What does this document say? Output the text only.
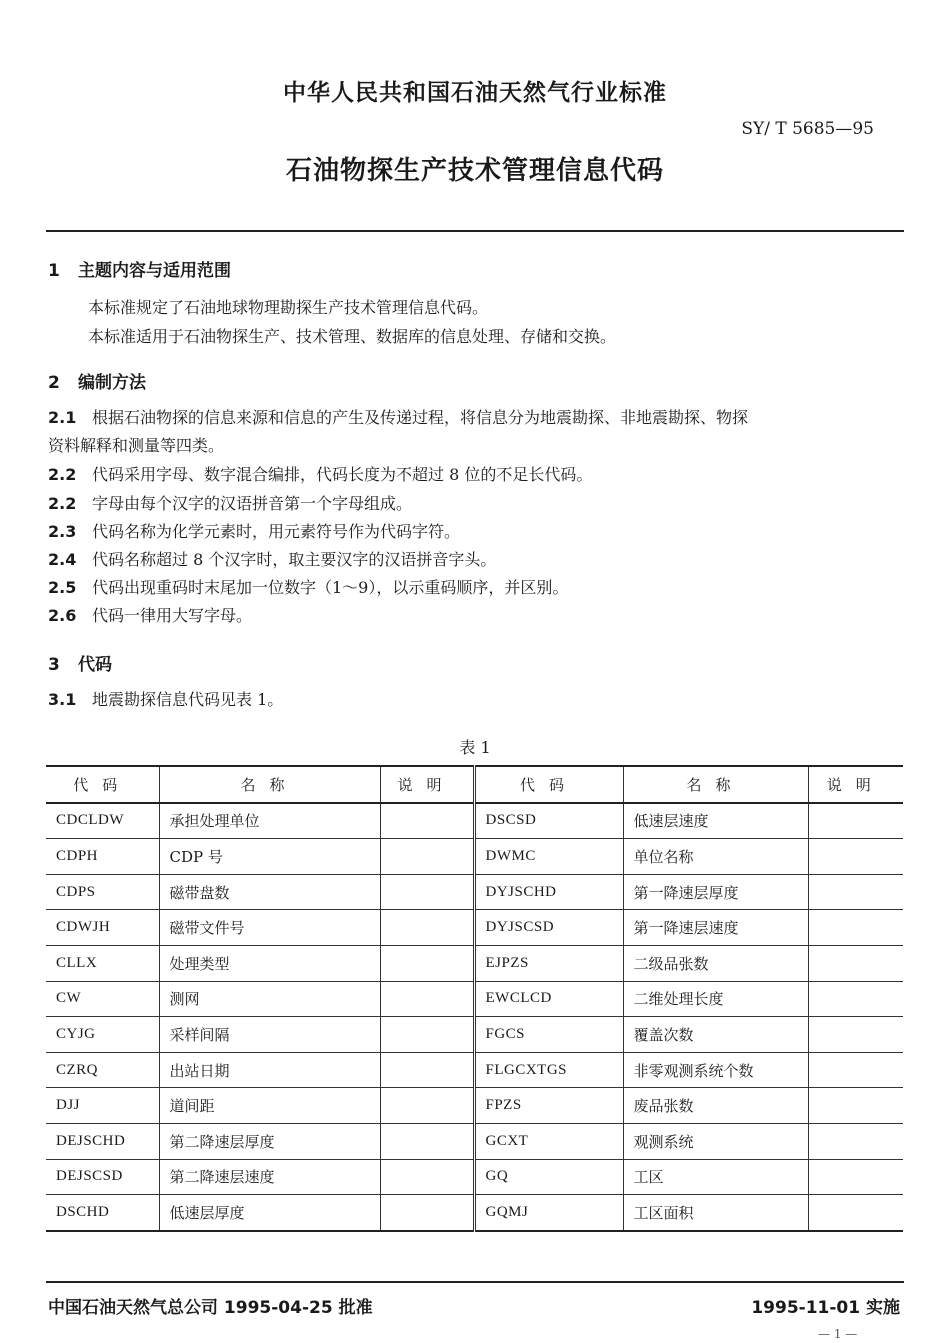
中华人民共和国石油天然气行业标准
SY/ T 5685—95
石油物探生产技术管理信息代码
1 主题内容与适用范围
本标准规定了石油地球物理勘探生产技术管理信息代码。
本标准适用于石油物探生产、技术管理、数据库的信息处理、存储和交换。
2 编制方法
2.1 根据石油物探的信息来源和信息的产生及传递过程，将信息分为地震勘探、非地震勘探、物探
资料解释和测量等四类。
2.2 代码采用字母、数字混合编排，代码长度为不超过 8 位的不足长代码。
2.2 字母由每个汉字的汉语拼音第一个字母组成。
2.3 代码名称为化学元素时，用元素符号作为代码字符。
2.4 代码名称超过 8 个汉字时，取主要汉字的汉语拼音字头。
2.5 代码出现重码时末尾加一位数字（1～9），以示重码顺序，并区别。
2.6 代码一律用大写字母。
3 代码
3.1 地震勘探信息代码见表 1。
表 1
代码	名称	说明	代码	名称	说明
CDCLDW	承担处理单位		DSCSD	低速层速度	
CDPH	CDP 号		DWMC	单位名称	
CDPS	磁带盘数		DYJSCHD	第一降速层厚度	
CDWJH	磁带文件号		DYJSCSD	第一降速层速度	
CLLX	处理类型		EJPZS	二级品张数	
CW	测网		EWCLCD	二维处理长度	
CYJG	采样间隔		FGCS	覆盖次数	
CZRQ	出站日期		FLGCXTGS	非零观测系统个数	
DJJ	道间距		FPZS	废品张数	
DEJSCHD	第二降速层厚度		GCXT	观测系统	
DEJSCSD	第二降速层速度		GQ	工区	
DSCHD	低速层厚度		GQMJ	工区面积	
中国石油天然气总公司 1995-04-25 批准	1995-11-01 实施
— 1 —
